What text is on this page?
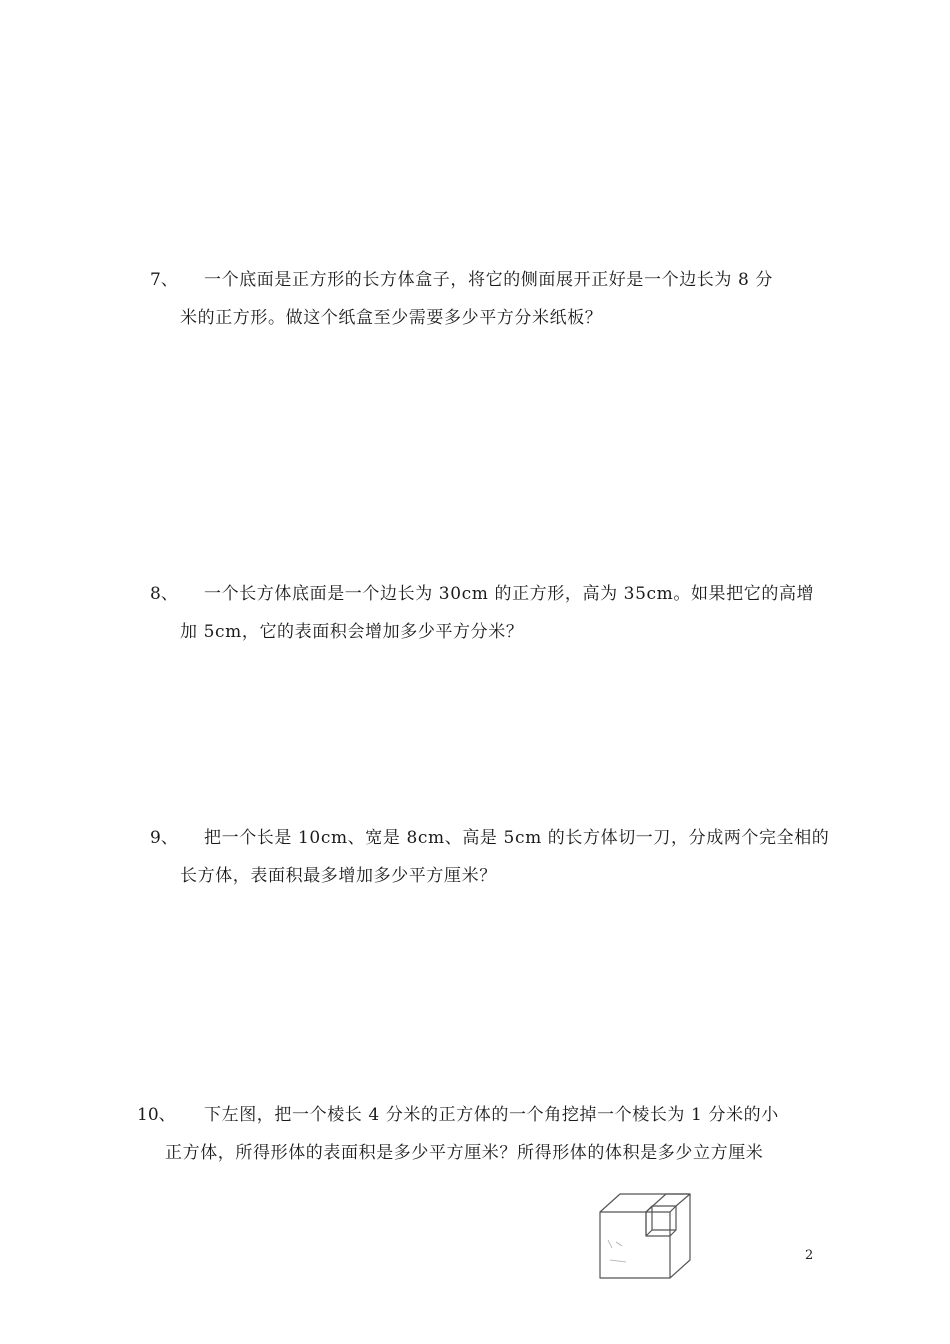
7、 一个底面是正方形的长方体盒子，将它的侧面展开正好是一个边长为 8 分
米的正方形。做这个纸盒至少需要多少平方分米纸板？
8、 一个长方体底面是一个边长为 30cm 的正方形，高为 35cm。如果把它的高增
加 5cm，它的表面积会增加多少平方分米？
9、 把一个长是 10cm、宽是 8cm、高是 5cm 的长方体切一刀，分成两个完全相的
长方体，表面积最多增加多少平方厘米？
10、 下左图，把一个棱长 4 分米的正方体的一个角挖掉一个棱长为 1 分米的小
正方体，所得形体的表面积是多少平方厘米？所得形体的体积是多少立方厘米
2
